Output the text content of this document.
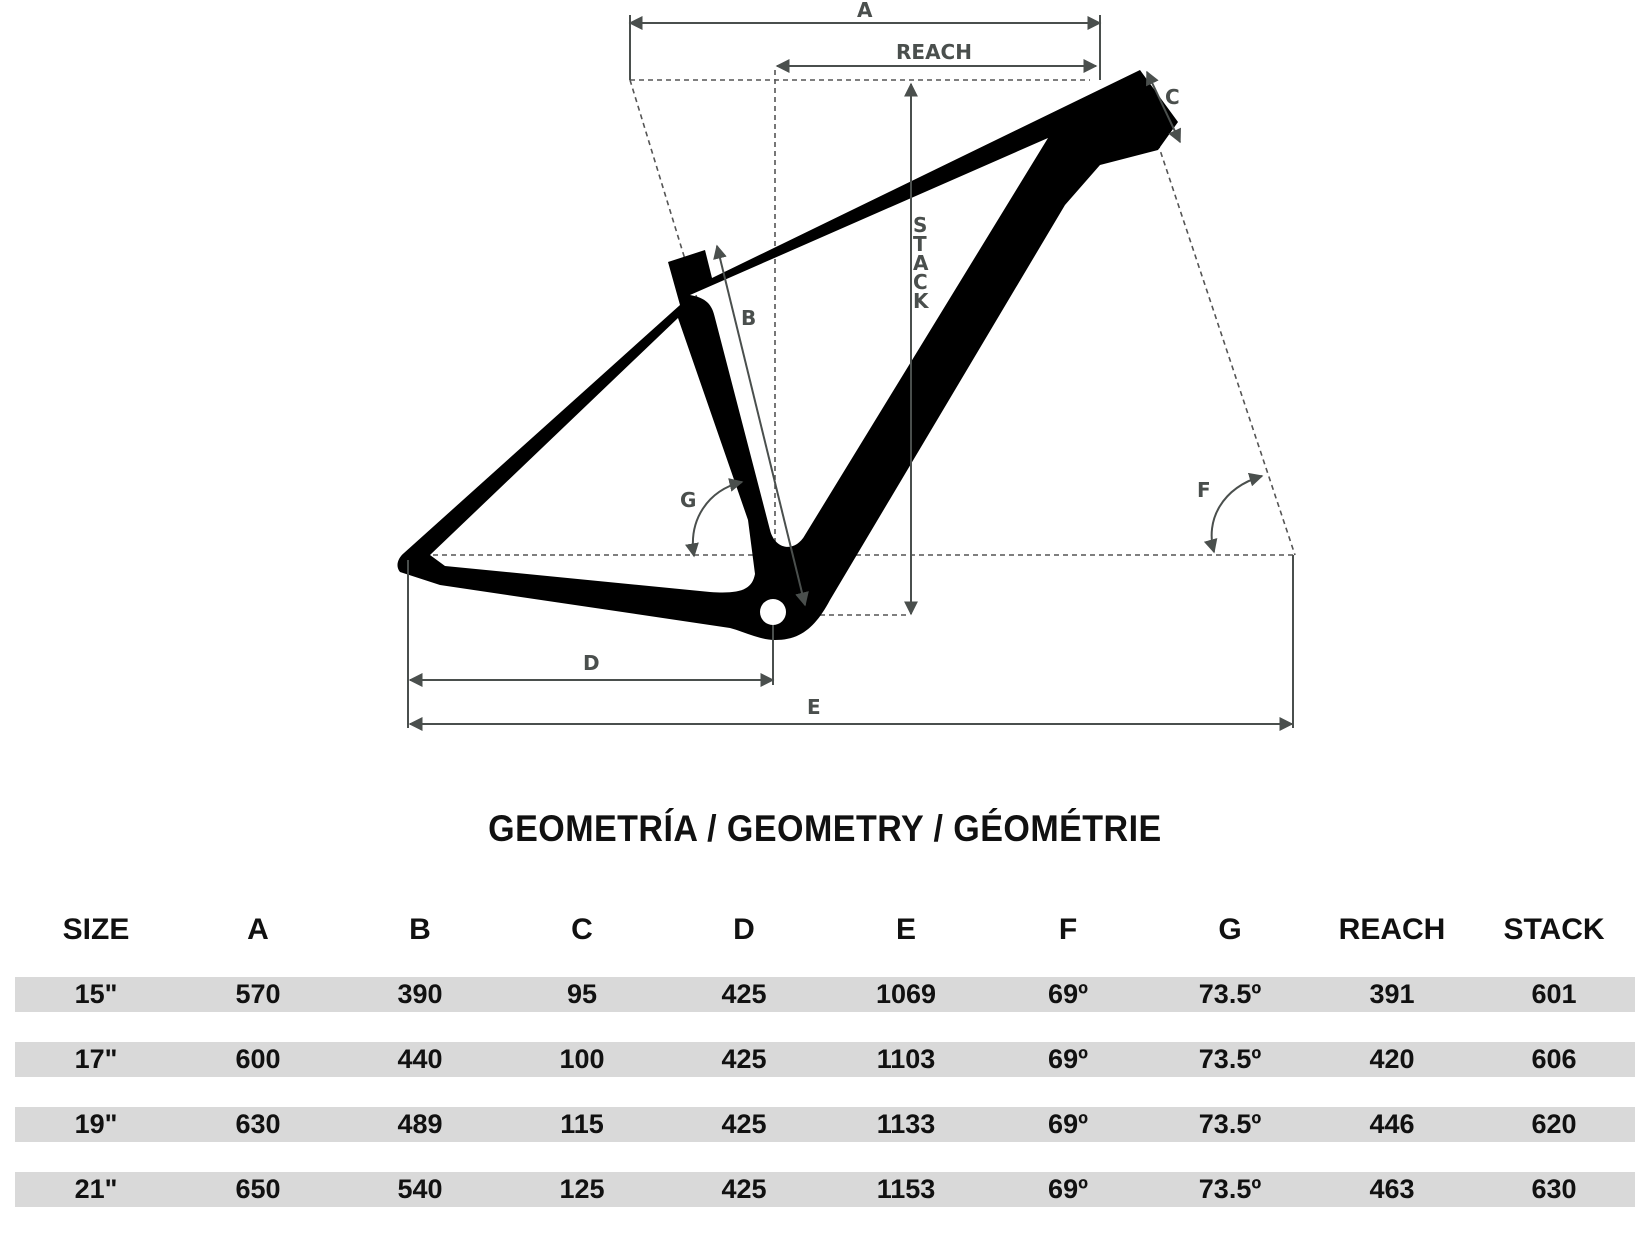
A
REACH
C
S
T
A
C
K
B
G	F
D
E
GEOMETRÍA / GEOMETRY / GÉOMÉTRIE
SIZE	A	B	C	D	E	F	G	REACH	STACK
15"	570	390	95	425	1069	69º	73.5º	391	601
17"	600	440	100	425	1103	69º	73.5º	420	606
19"	630	489	115	425	1133	69º	73.5º	446	620
21"	650	540	125	425	1153	69º	73.5º	463	630
